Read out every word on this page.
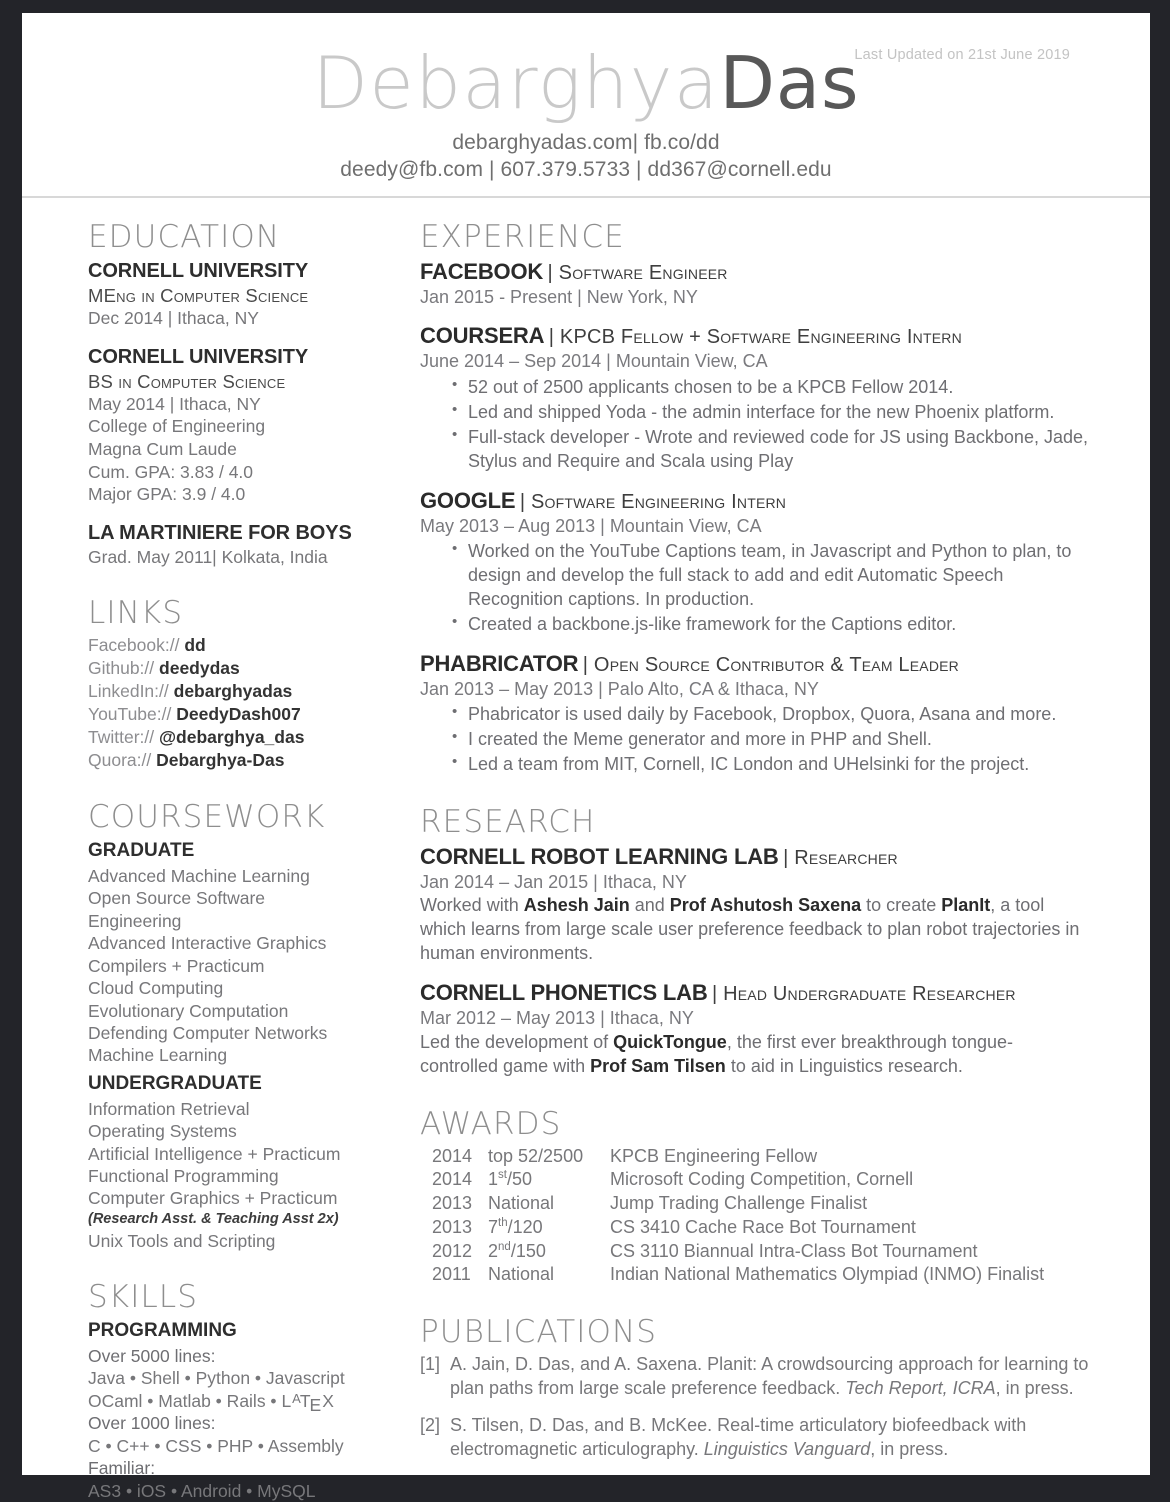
Last Updated on 21st June 2019
DebarghyaDas
debarghyadas.com| fb.co/dd
deedy@fb.com | 607.379.5733 | dd367@cornell.edu
EDUCATION
CORNELL UNIVERSITY
MEng in Computer Science
Dec 2014 | Ithaca, NY
CORNELL UNIVERSITY
BS in Computer Science
May 2014 | Ithaca, NY
College of Engineering
Magna Cum Laude
Cum. GPA: 3.83 / 4.0
Major GPA: 3.9 / 4.0
LA MARTINIERE FOR BOYS
Grad. May 2011| Kolkata, India
LINKS
Facebook:// dd
Github:// deedydas
LinkedIn:// debarghyadas
YouTube:// DeedyDash007
Twitter:// @debarghya_das
Quora:// Debarghya-Das
COURSEWORK
GRADUATE
Advanced Machine Learning
Open Source Software Engineering
Advanced Interactive Graphics
Compilers + Practicum
Cloud Computing
Evolutionary Computation
Defending Computer Networks
Machine Learning
UNDERGRADUATE
Information Retrieval
Operating Systems
Artificial Intelligence + Practicum
Functional Programming
Computer Graphics + Practicum
(Research Asst. & Teaching Asst 2x)
Unix Tools and Scripting
SKILLS
PROGRAMMING
Over 5000 lines:
Java • Shell • Python • Javascript
OCaml • Matlab • Rails • $L^ATEX$
Over 1000 lines:
C • C++ • CSS • PHP • Assembly
Familiar:
AS3 • iOS • Android • MySQL
EXPERIENCE
FACEBOOK | Software Engineer
Jan 2015 - Present | New York, NY
COURSERA | KPCB Fellow + Software Engineering Intern
June 2014 – Sep 2014 | Mountain View, CA
• 52 out of 2500 applicants chosen to be a KPCB Fellow 2014.
• Led and shipped Yoda - the admin interface for the new Phoenix platform.
• Full-stack developer - Wrote and reviewed code for JS using Backbone, Jade, Stylus and Require and Scala using Play
GOOGLE | Software Engineering Intern
May 2013 – Aug 2013 | Mountain View, CA
• Worked on the YouTube Captions team, in Javascript and Python to plan, to design and develop the full stack to add and edit Automatic Speech Recognition captions. In production.
• Created a backbone.js-like framework for the Captions editor.
PHABRICATOR | Open Source Contributor & Team Leader
Jan 2013 – May 2013 | Palo Alto, CA & Ithaca, NY
• Phabricator is used daily by Facebook, Dropbox, Quora, Asana and more.
• I created the Meme generator and more in PHP and Shell.
• Led a team from MIT, Cornell, IC London and UHelsinki for the project.
RESEARCH
CORNELL ROBOT LEARNING LAB | Researcher
Jan 2014 – Jan 2015 | Ithaca, NY
Worked with Ashesh Jain and Prof Ashutosh Saxena to create PlanIt, a tool which learns from large scale user preference feedback to plan robot trajectories in human environments.
CORNELL PHONETICS LAB | Head Undergraduate Researcher
Mar 2012 – May 2013 | Ithaca, NY
Led the development of QuickTongue, the first ever breakthrough tongue-controlled game with Prof Sam Tilsen to aid in Linguistics research.
AWARDS
2014 top 52/2500	KPCB Engineering Fellow
2014 1st/50	Microsoft Coding Competition, Cornell
2013 National	Jump Trading Challenge Finalist
2013 7th/120	CS 3410 Cache Race Bot Tournament
2012 2nd/150	CS 3110 Biannual Intra-Class Bot Tournament
2011 National	Indian National Mathematics Olympiad (INMO) Finalist
PUBLICATIONS
[1] A. Jain, D. Das, and A. Saxena. Planit: A crowdsourcing approach for learning to plan paths from large scale preference feedback. Tech Report, ICRA, in press.
[2] S. Tilsen, D. Das, and B. McKee. Real-time articulatory biofeedback with electromagnetic articulography. Linguistics Vanguard, in press.
